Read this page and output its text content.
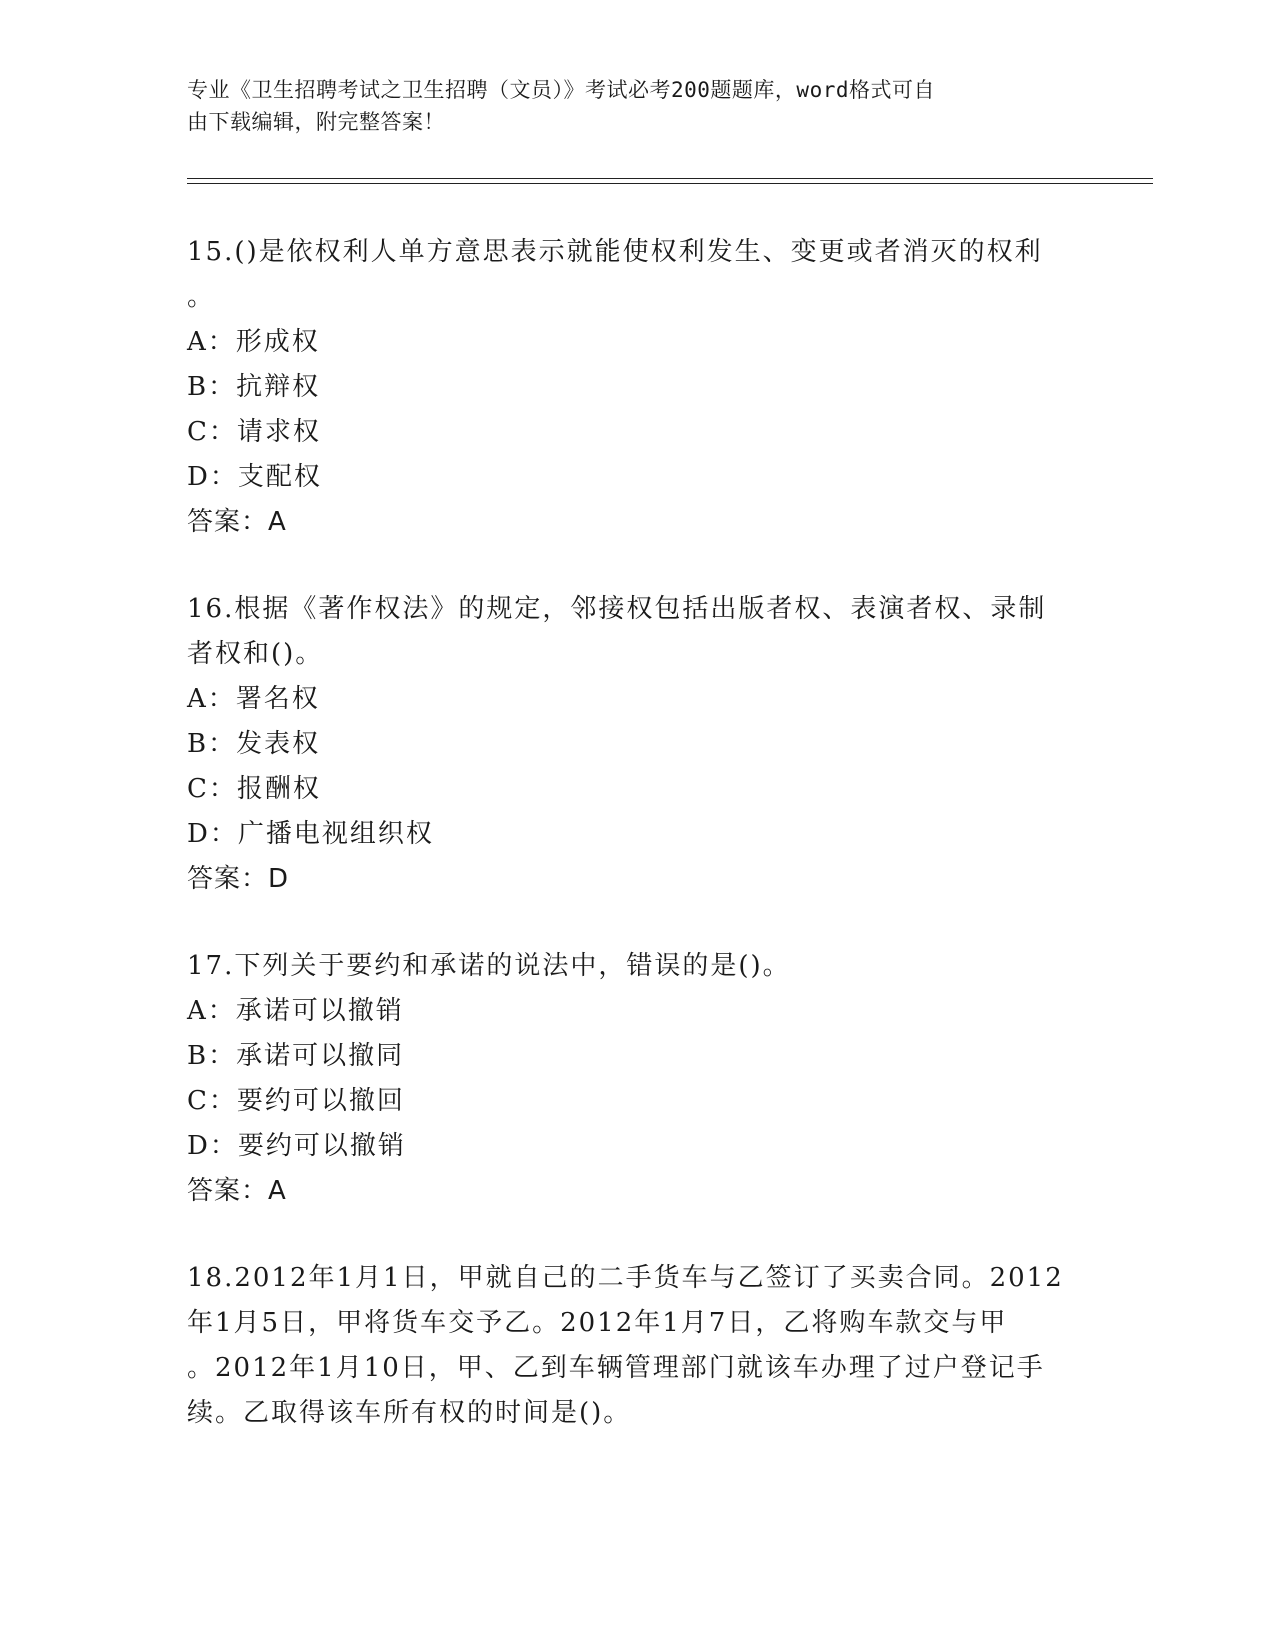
专业《卫生招聘考试之卫生招聘（文员）》考试必考200题题库，word格式可自
由下载编辑，附完整答案！

15.()是依权利人单方意思表示就能使权利发生、变更或者消灭的权利
。

A：形成权

B：抗辩权

C：请求权

D：支配权

答案：A

16.根据《著作权法》的规定，邻接权包括出版者权、表演者权、录制
者权和()。

A：署名权

B：发表权

C：报酬权

D：广播电视组织权

答案：D

17.下列关于要约和承诺的说法中，错误的是()。

A：承诺可以撤销

B：承诺可以撤同

C：要约可以撤回

D：要约可以撤销

答案：A

18.2012年1月1日，甲就自己的二手货车与乙签订了买卖合同。2012
年1月5日，甲将货车交予乙。2012年1月7日，乙将购车款交与甲
。2012年1月10日，甲、乙到车辆管理部门就该车办理了过户登记手
续。乙取得该车所有权的时间是()。
